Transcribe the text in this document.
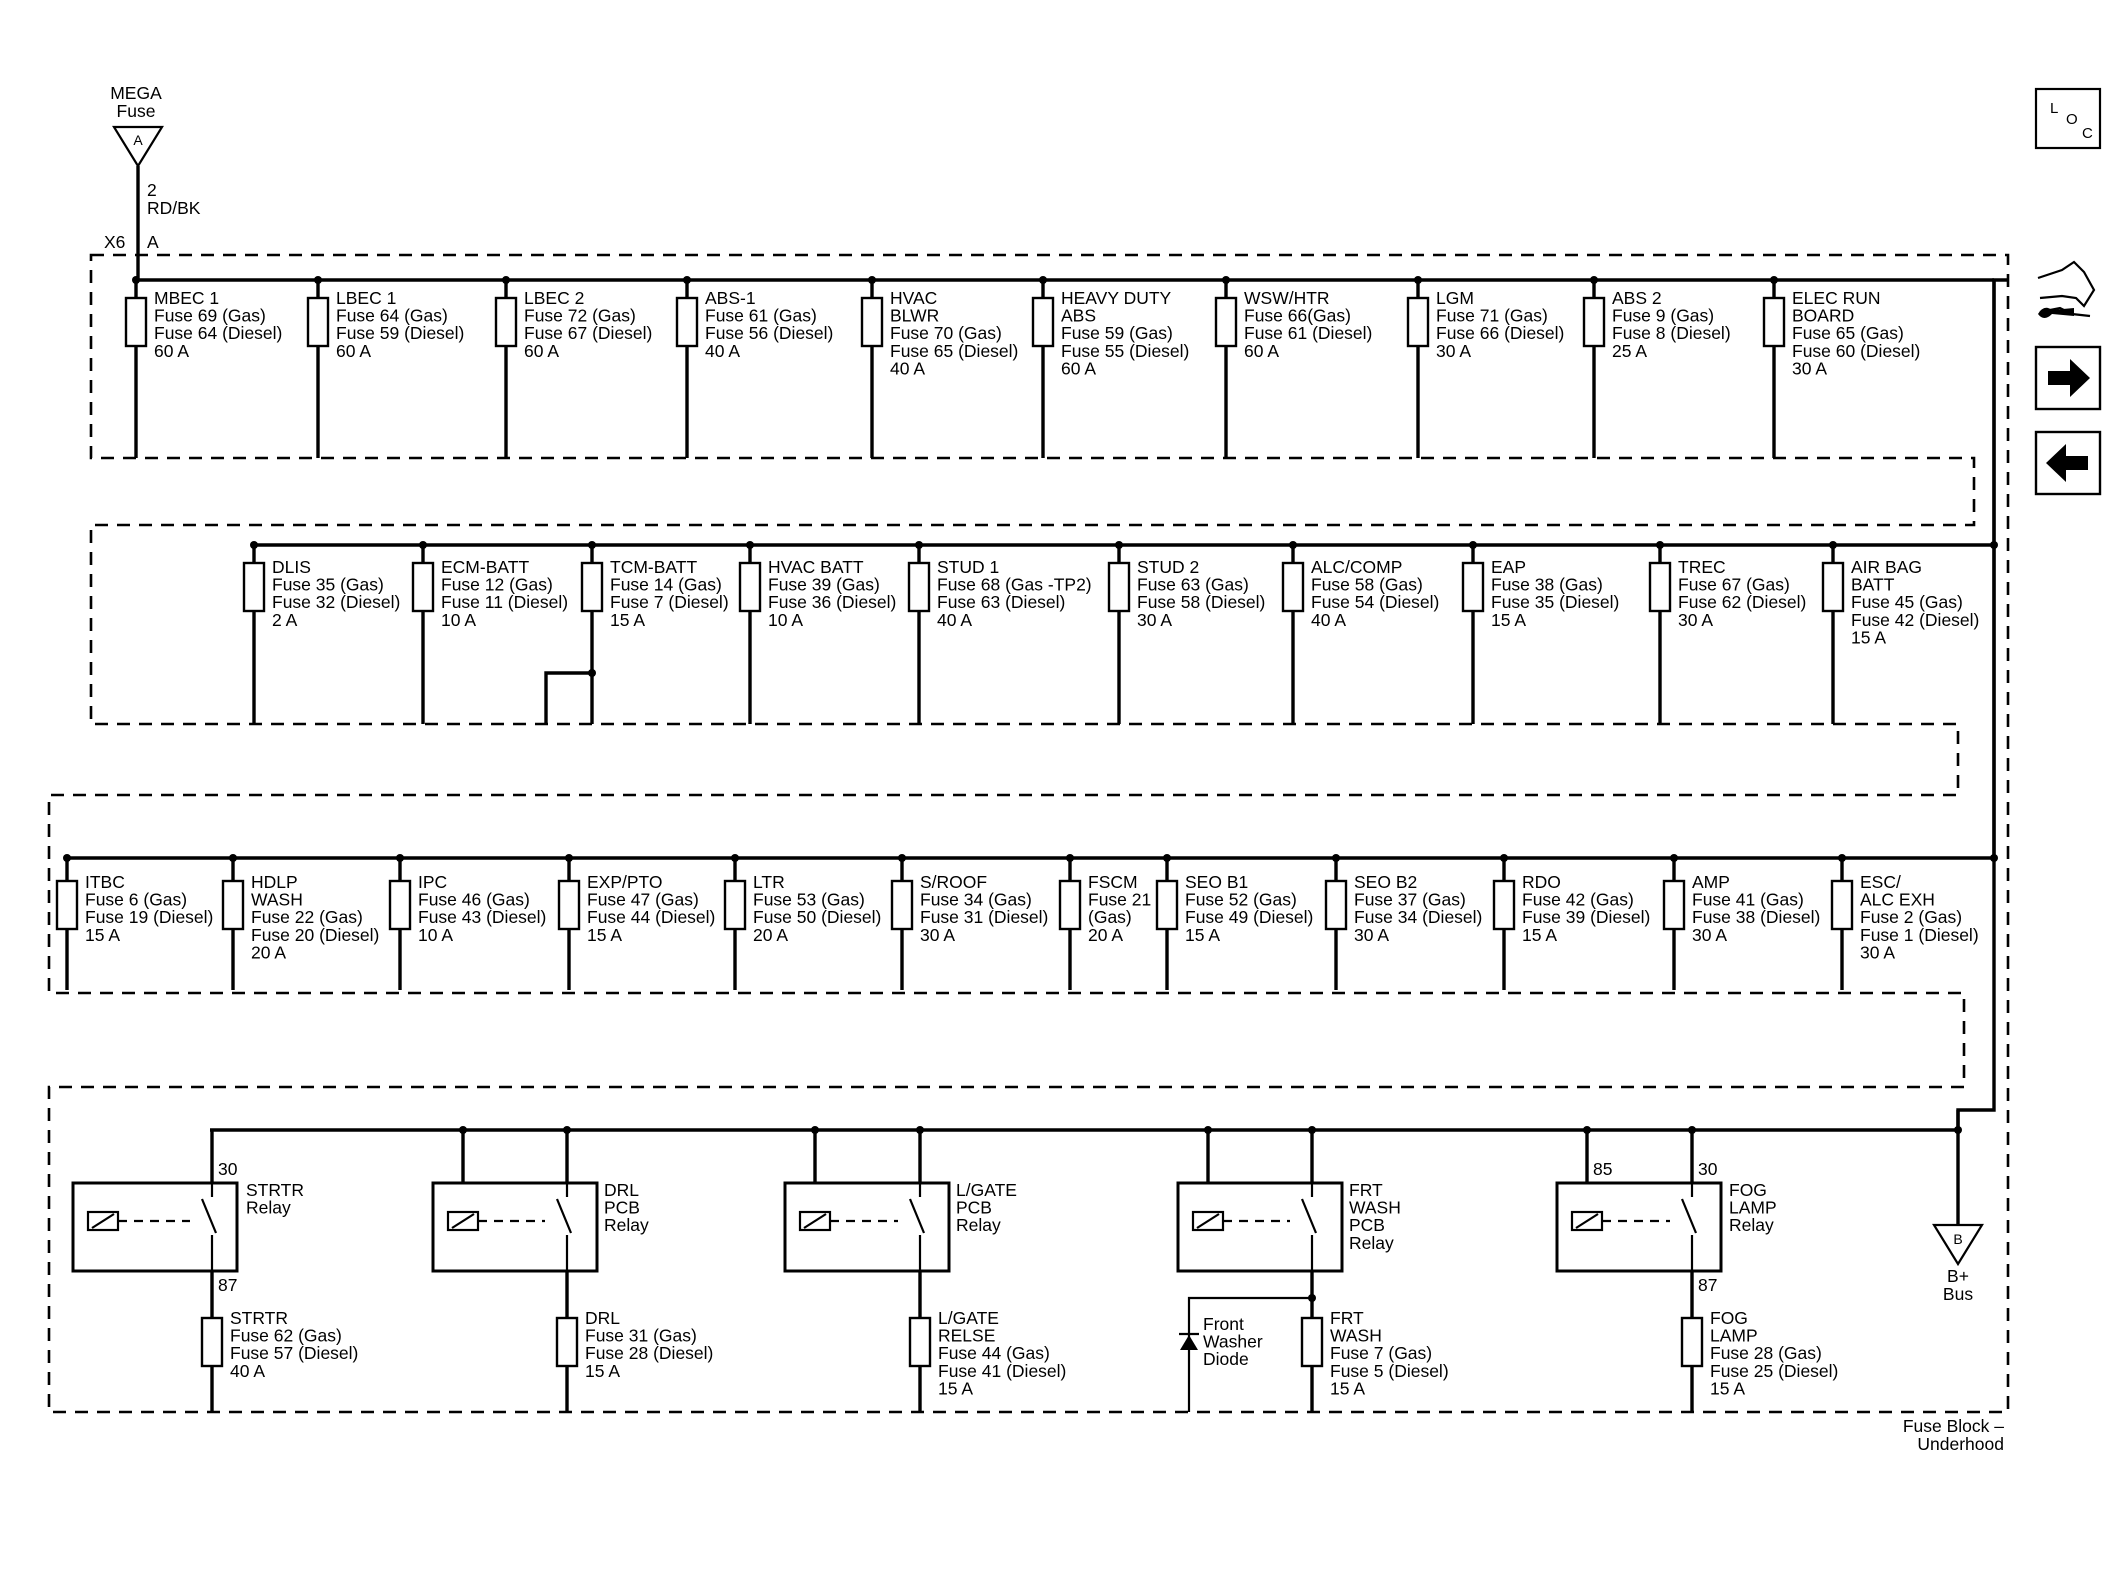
MEGA
Fuse
A
2
RD/BK
X6 A
L
O
C
MBEC 1
Fuse 69 (Gas)
Fuse 64 (Diesel)
60 A
LBEC 1
Fuse 64 (Gas)
Fuse 59 (Diesel)
60 A
LBEC 2
Fuse 72 (Gas)
Fuse 67 (Diesel)
60 A
ABS-1
Fuse 61 (Gas)
Fuse 56 (Diesel)
40 A
HVAC
BLWR
Fuse 70 (Gas)
Fuse 65 (Diesel)
40 A
HEAVY DUTY
ABS
Fuse 59 (Gas)
Fuse 55 (Diesel)
60 A
WSW/HTR
Fuse 66(Gas)
Fuse 61 (Diesel)
60 A
LGM
Fuse 71 (Gas)
Fuse 66 (Diesel)
30 A
ABS 2
Fuse 9 (Gas)
Fuse 8 (Diesel)
25 A
ELEC RUN
BOARD
Fuse 65 (Gas)
Fuse 60 (Diesel)
30 A
DLIS
Fuse 35 (Gas)
Fuse 32 (Diesel)
2 A
ECM-BATT
Fuse 12 (Gas)
Fuse 11 (Diesel)
10 A
TCM-BATT
Fuse 14 (Gas)
Fuse 7 (Diesel)
15 A
HVAC BATT
Fuse 39 (Gas)
Fuse 36 (Diesel)
10 A
STUD 1
Fuse 68 (Gas -TP2)
Fuse 63 (Diesel)
40 A
STUD 2
Fuse 63 (Gas)
Fuse 58 (Diesel)
30 A
ALC/COMP
Fuse 58 (Gas)
Fuse 54 (Diesel)
40 A
EAP
Fuse 38 (Gas)
Fuse 35 (Diesel)
15 A
TREC
Fuse 67 (Gas)
Fuse 62 (Diesel)
30 A
AIR BAG
BATT
Fuse 45 (Gas)
Fuse 42 (Diesel)
15 A
ITBC
Fuse 6 (Gas)
Fuse 19 (Diesel)
15 A
HDLP
WASH
Fuse 22 (Gas)
Fuse 20 (Diesel)
20 A
IPC
Fuse 46 (Gas)
Fuse 43 (Diesel)
10 A
EXP/PTO
Fuse 47 (Gas)
Fuse 44 (Diesel)
15 A
LTR
Fuse 53 (Gas)
Fuse 50 (Diesel)
20 A
S/ROOF
Fuse 34 (Gas)
Fuse 31 (Diesel)
30 A
FSCM
Fuse 21
(Gas)
20 A
SEO B1
Fuse 52 (Gas)
Fuse 49 (Diesel)
15 A
SEO B2
Fuse 37 (Gas)
Fuse 34 (Diesel)
30 A
RDO
Fuse 42 (Gas)
Fuse 39 (Diesel)
15 A
AMP
Fuse 41 (Gas)
Fuse 38 (Diesel)
30 A
ESC/
ALC EXH
Fuse 2 (Gas)
Fuse 1 (Diesel)
30 A
STRTR
Relay
30
87
STRTR
Fuse 62 (Gas)
Fuse 57 (Diesel)
40 A
DRL
PCB
Relay
DRL
Fuse 31 (Gas)
Fuse 28 (Diesel)
15 A
L/GATE
PCB
Relay
L/GATE
RELSE
Fuse 44 (Gas)
Fuse 41 (Diesel)
15 A
FRT
WASH
PCB
Relay
FRT
WASH
Fuse 7 (Gas)
Fuse 5 (Diesel)
15 A
Front
Washer
Diode
FOG
LAMP
Relay
30
85
87
FOG
LAMP
Fuse 28 (Gas)
Fuse 25 (Diesel)
15 A
B
B+
Bus
Fuse Block –
Underhood
